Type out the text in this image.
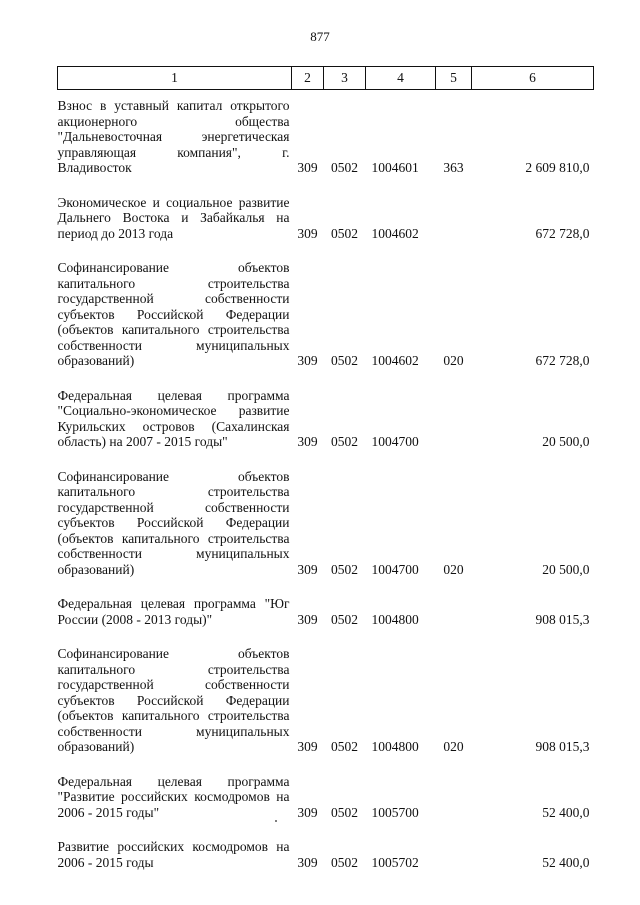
877
1	2	3	4	5	6
Взнос в уставный капитал открытого акционерного общества "Дальневосточная энергетическая управляющая компания", г. Владивосток	309	0502	1004601	363	2 609 810,0
Экономическое и социальное развитие Дальнего Востока и Забайкалья на период до 2013 года	309	0502	1004602		672 728,0
Софинансирование объектов капитального строительства государственной собственности субъектов Российской Федерации (объектов капитального строительства собственности муниципальных образований)	309	0502	1004602	020	672 728,0
Федеральная целевая программа "Социально-экономическое развитие Курильских островов (Сахалинская область) на 2007 - 2015 годы"	309	0502	1004700		20 500,0
Софинансирование объектов капитального строительства государственной собственности субъектов Российской Федерации (объектов капитального строительства собственности муниципальных образований)	309	0502	1004700	020	20 500,0
Федеральная целевая программа "Юг России (2008 - 2013 годы)"	309	0502	1004800		908 015,3
Софинансирование объектов капитального строительства государственной собственности субъектов Российской Федерации (объектов капитального строительства собственности муниципальных образований)	309	0502	1004800	020	908 015,3
Федеральная целевая программа "Развитие российских космодромов на 2006 - 2015 годы"	309	0502	1005700		52 400,0
Развитие российских космодромов на 2006 - 2015 годы	309	0502	1005702		52 400,0
